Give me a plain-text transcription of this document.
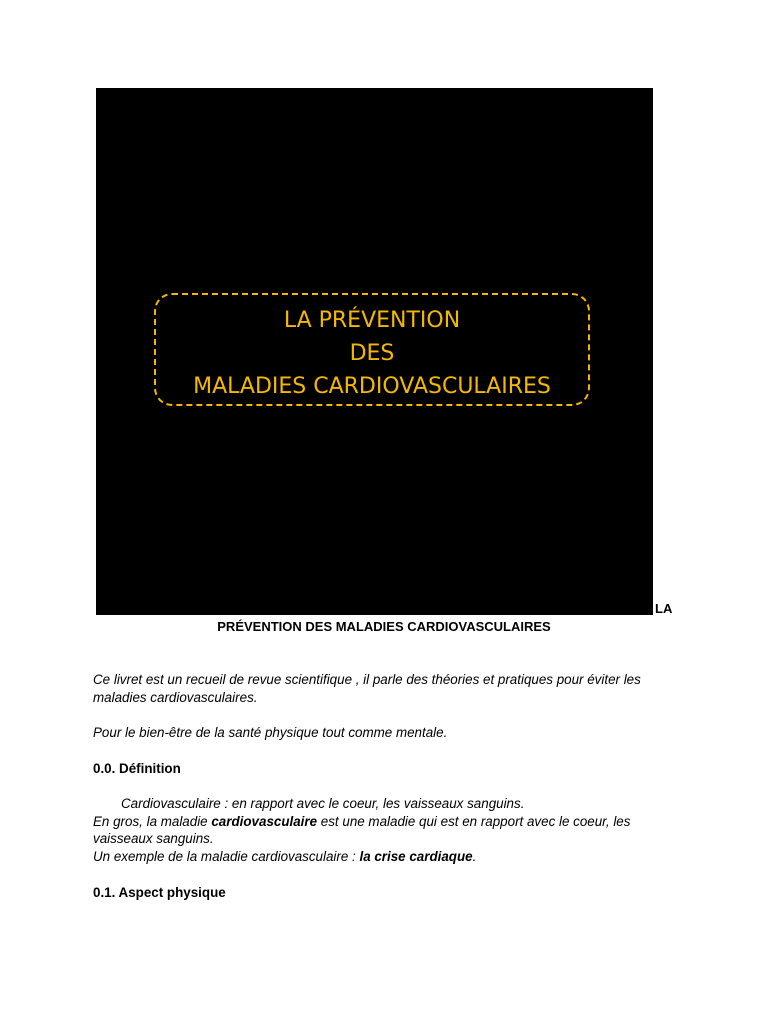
LA PRÉVENTION
DES
MALADIES CARDIOVASCULAIRES
LA
PRÉVENTION DES MALADIES CARDIOVASCULAIRES

Ce livret est un recueil de revue scientifique , il parle des théories et pratiques pour éviter les maladies cardiovasculaires.

Pour le bien-être de la santé physique tout comme mentale.

0.0. Définition

Cardiovasculaire : en rapport avec le coeur, les vaisseaux sanguins.
En gros, la maladie cardiovasculaire est une maladie qui est en rapport avec le coeur, les vaisseaux sanguins.
Un exemple de la maladie cardiovasculaire : la crise cardiaque.

0.1. Aspect physique
